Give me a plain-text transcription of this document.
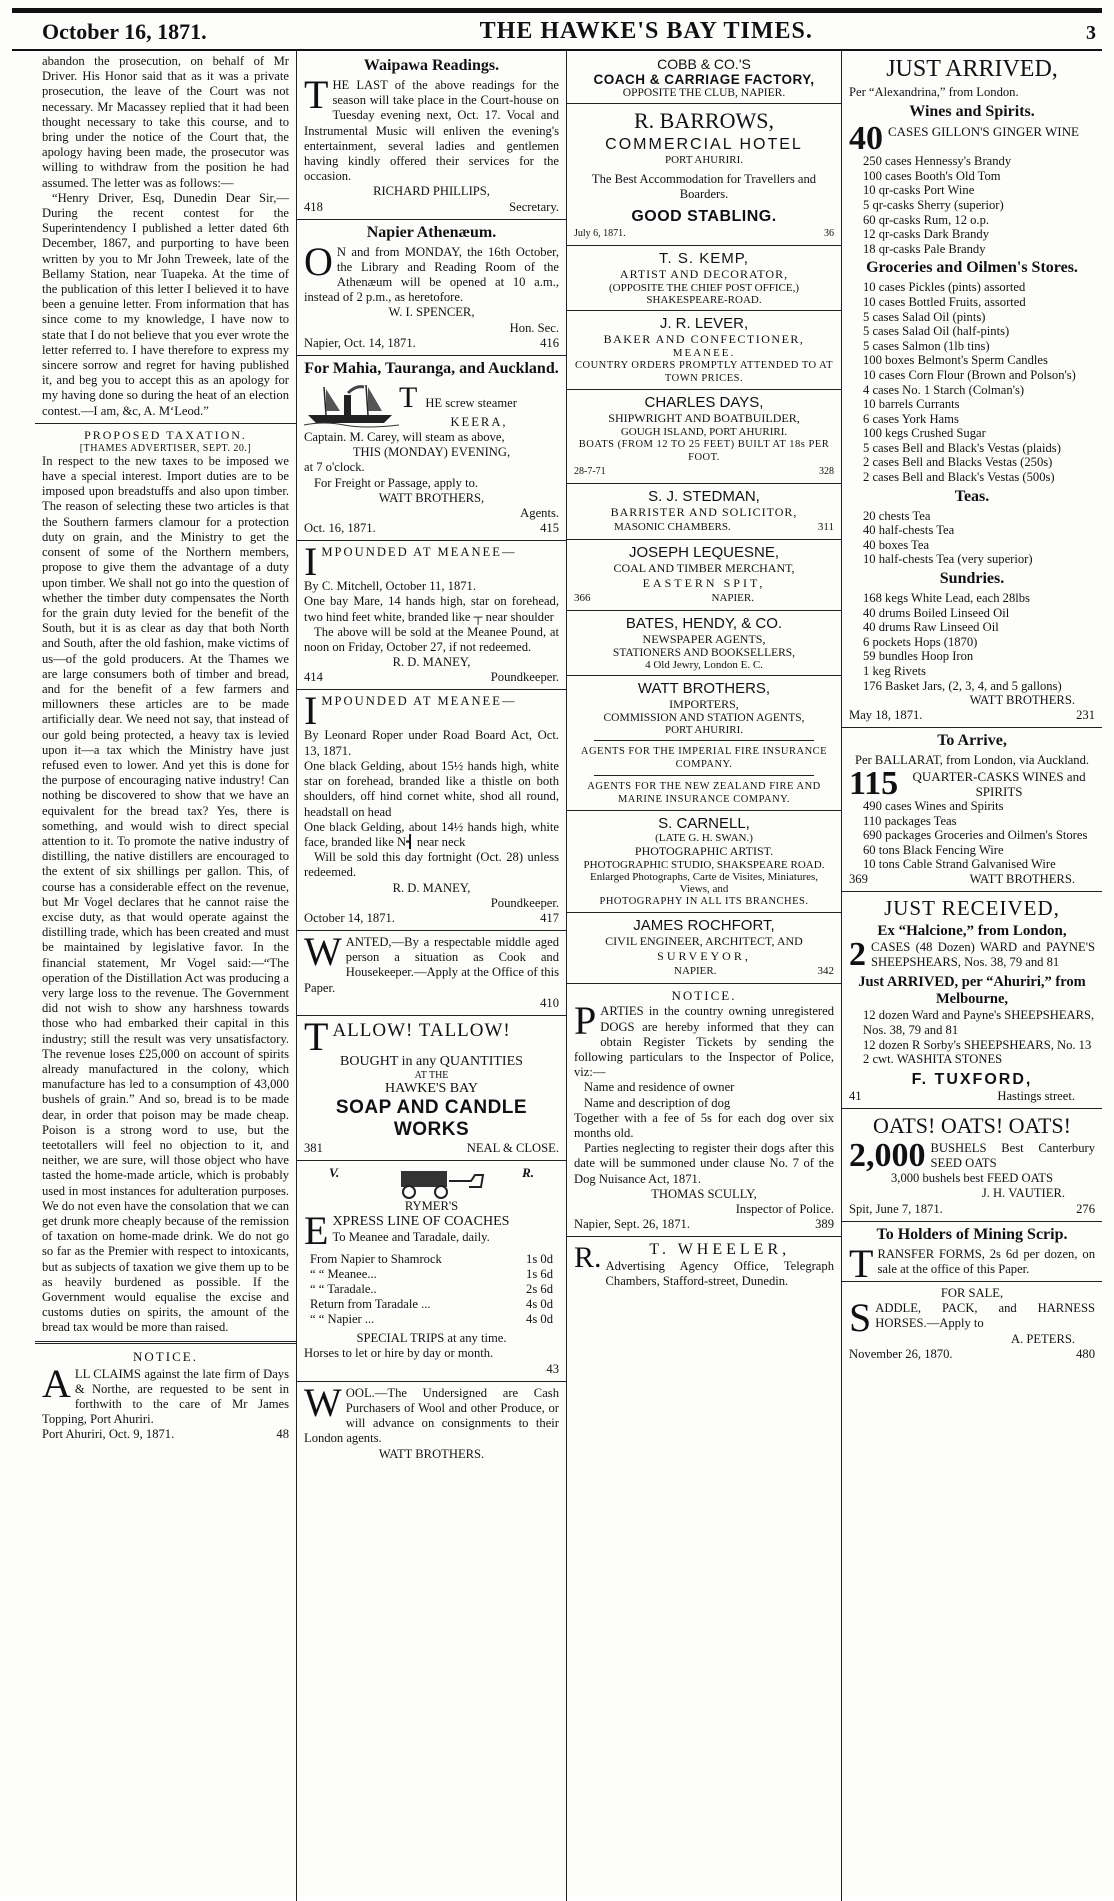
October 16, 1871.	THE HAWKE'S BAY TIMES.	3

abandon the prosecution, on behalf of Mr Driver. His Honor said that as it was a private prosecution, the leave of the Court was not necessary. Mr Macassey replied that it had been thought necessary to take this course, and to bring under the notice of the Court that, the apology having been made, the prosecutor was willing to withdraw from the position he had assumed. The letter was as follows:—

“Henry Driver, Esq, Dunedin Dear Sir,—During the recent contest for the Superintendency I published a letter dated 6th December, 1867, and purporting to have been written by you to Mr John Treweek, late of the Bellamy Station, near Tuapeka. At the time of the publication of this letter I believed it to have been a genuine letter. From information that has since come to my knowledge, I have now to state that I do not believe that you ever wrote the letter referred to. I have therefore to express my sincere sorrow and regret for having published it, and beg you to accept this as an apology for my having done so during the heat of an election contest.—I am, &c, A. M‘Leod.”

PROPOSED TAXATION.

[THAMES ADVERTISER, SEPT. 20.]

In respect to the new taxes to be imposed we have a special interest. Import duties are to be imposed upon breadstuffs and also upon timber. The reason of selecting these two articles is that the Southern farmers clamour for a protection duty on grain, and the Ministry to get the consent of some of the Northern members, propose to give them the advantage of a duty upon timber. We shall not go into the question of whether the timber duty compensates the North for the grain duty levied for the benefit of the South, but it is as clear as day that both North and South, after the old fashion, make victims of us—of the gold producers. At the Thames we are large consumers both of timber and bread, and for the benefit of a few farmers and millowners these articles are to be made artificially dear. We need not say, that instead of our gold being protected, a heavy tax is levied upon it—a tax which the Ministry have just refused even to lower. And yet this is done for the purpose of encouraging native industry! Can nothing be discovered to show that we have an equivalent for the bread tax? Yes, there is something, and would wish to direct special attention to it. To promote the native industry of distilling, the native distillers are encouraged to the extent of six shillings per gallon. This, of course has a considerable effect on the revenue, but Mr Vogel declares that he cannot raise the excise duty, as that would operate against the distilling trade, which has been created and must be maintained by legislative favor. In the financial statement, Mr Vogel said:—“The operation of the Distillation Act was producing a very large loss to the revenue. The Government did not wish to show any harshness towards those who had embarked their capital in this industry; still the result was very unsatisfactory. The revenue loses £25,000 on account of spirits already manufactured in the colony, which manufacture has led to a consumption of 43,000 bushels of grain.” And so, bread is to be made dear, in order that poison may be made cheap. Poison is a strong word to use, but the teetotallers will feel no objection to it, and neither, we are sure, will those object who have tasted the home-made article, which is probably used in most instances for adulteration purposes. We do not even have the consolation that we can get drunk more cheaply because of the remission of taxation on home-made drink. We do not go so far as the Premier with respect to intoxicants, but as subjects of taxation we give them up to be as heavily burdened as possible. If the Government would equalise the excise and customs duties on spirits, the amount of the bread tax would be more than raised.

NOTICE.

A LL CLAIMS against the late firm of Days & Northe, are requested to be sent in forthwith to the care of Mr James Topping, Port Ahuriri.

Port Ahuriri, Oct. 9, 1871.	48

Waipawa Readings.

T HE LAST of the above readings for the season will take place in the Court-house on Tuesday evening next, Oct. 17. Vocal and Instrumental Music will enliven the evening's entertainment, several ladies and gentlemen having kindly offered their services for the occasion.

RICHARD PHILLIPS,

418	Secretary.

Napier Athenæum.

O N and from MONDAY, the 16th October, the Library and Reading Room of the Athenæum will be opened at 10 a.m., instead of 2 p.m., as heretofore.

W. I. SPENCER,

Hon. Sec.

Napier, Oct. 14, 1871.	416

For Mahia, Tauranga, and Auckland.

T HE screw steamer

KEERA,

Captain. M. Carey, will steam as above,

THIS (MONDAY) EVENING,

at 7 o'clock.

For Freight or Passage, apply to.

WATT BROTHERS,

Agents.

Oct. 16, 1871.	415
I MPOUNDED AT MEANEE—

By C. Mitchell, October 11, 1871.

One bay Mare, 14 hands high, star on forehead, two hind feet white, branded like ┬ near shoulder

The above will be sold at the Meanee Pound, at noon on Friday, October 27, if not redeemed.

R. D. MANEY,

414	Poundkeeper.
I MPOUNDED AT MEANEE—

By Leonard Roper under Road Board Act, Oct. 13, 1871.

One black Gelding, about 15½ hands high, white star on forehead, branded like a thistle on both shoulders, off hind cornet white, shod all round, headstall on head

One black Gelding, about 14½ hands high, white face, branded like N┫ near neck

Will be sold this day fortnight (Oct. 28) unless redeemed.

R. D. MANEY,

Poundkeeper.

October 14, 1871.	417
W ANTED,—By a respectable middle aged person a situation as Cook and Housekeeper.—Apply at the Office of this Paper.

410

T ALLOW! TALLOW!

BOUGHT in any QUANTITIES

AT THE

HAWKE'S BAY

SOAP AND CANDLE WORKS

381	NEAL & CLOSE.
V.	R.

RYMER'S

E XPRESS LINE OF COACHES

To Meanee and Taradale, daily.

From Napier to Shamrock	1s 0d
“ “ Meanee...	1s 6d
“ “ Taradale..	2s 6d
Return from Taradale ...	4s 0d
“ “ Napier ...	4s 0d

SPECIAL TRIPS at any time.

Horses to let or hire by day or month.

43

W OOL.—The Undersigned are Cash Purchasers of Wool and other Produce, or will advance on consignments to their London agents.

WATT BROTHERS.

COBB & CO.'S

COACH & CARRIAGE FACTORY,

OPPOSITE THE CLUB, NAPIER.

R. BARROWS,

COMMERCIAL HOTEL

PORT AHURIRI.

The Best Accommodation for Travellers and Boarders.

GOOD STABLING.

July 6, 1871.	36

T. S. KEMP,

ARTIST AND DECORATOR,

(OPPOSITE THE CHIEF POST OFFICE,)

SHAKESPEARE-ROAD.

J. R. LEVER,

BAKER AND CONFECTIONER,

MEANEE.

COUNTRY ORDERS PROMPTLY ATTENDED TO AT TOWN PRICES.

CHARLES DAYS,

SHIPWRIGHT AND BOATBUILDER,

GOUGH ISLAND, PORT AHURIRI.

BOATS (FROM 12 TO 25 FEET) BUILT AT 18s PER FOOT.

28-7-71	328

S. J. STEDMAN,

BARRISTER AND SOLICITOR,

MASONIC CHAMBERS.	311

JOSEPH LEQUESNE,

COAL AND TIMBER MERCHANT,

EASTERN SPIT,

366	NAPIER.

BATES, HENDY, & CO.

NEWSPAPER AGENTS,

STATIONERS AND BOOKSELLERS,

4 Old Jewry, London E. C.

WATT BROTHERS,

IMPORTERS,

COMMISSION AND STATION AGENTS,

PORT AHURIRI.

AGENTS FOR THE IMPERIAL FIRE INSURANCE COMPANY.

AGENTS FOR THE NEW ZEALAND FIRE AND MARINE INSURANCE COMPANY.

S. CARNELL,

(LATE G. H. SWAN.)

PHOTOGRAPHIC ARTIST.

PHOTOGRAPHIC STUDIO, SHAKSPEARE ROAD.

Enlarged Photographs, Carte de Visites, Miniatures, Views, and

PHOTOGRAPHY IN ALL ITS BRANCHES.

JAMES ROCHFORT,

CIVIL ENGINEER, ARCHITECT, AND

SURVEYOR,

NAPIER.	342

NOTICE.

P ARTIES in the country owning unregistered DOGS are hereby informed that they can obtain Register Tickets by sending the following particulars to the Inspector of Police, viz:—

Name and residence of owner

Name and description of dog

Together with a fee of 5s for each dog over six months old.

Parties neglecting to register their dogs after this date will be summoned under clause No. 7 of the Dog Nuisance Act, 1871.

THOMAS SCULLY,

Inspector of Police.

Napier, Sept. 26, 1871.	389
R.	T. WHEELER,

Advertising Agency Office, Telegraph Chambers, Stafford-street, Dunedin.

JUST ARRIVED,

Per “Alexandrina,” from London.

Wines and Spirits.

40 CASES GILLON'S GINGER WINE

250 cases Hennessy's Brandy

100 cases Booth's Old Tom

10 qr-casks Port Wine

5 qr-casks Sherry (superior)

60 qr-casks Rum, 12 o.p.

12 qr-casks Dark Brandy

18 qr-casks Pale Brandy

Groceries and Oilmen's Stores.

10 cases Pickles (pints) assorted

10 cases Bottled Fruits, assorted

5 cases Salad Oil (pints)

5 cases Salad Oil (half-pints)

5 cases Salmon (1lb tins)

100 boxes Belmont's Sperm Candles

10 cases Corn Flour (Brown and Polson's)

4 cases No. 1 Starch (Colman's)

10 barrels Currants

6 cases York Hams

100 kegs Crushed Sugar

5 cases Bell and Black's Vestas (plaids)

2 cases Bell and Blacks Vestas (250s)

2 cases Bell and Black's Vestas (500s)

Teas.

20 chests Tea

40 half-chests Tea

40 boxes Tea

10 half-chests Tea (very superior)

Sundries.

168 kegs White Lead, each 28lbs

40 drums Boiled Linseed Oil

40 drums Raw Linseed Oil

6 pockets Hops (1870)

59 bundles Hoop Iron

1 keg Rivets

176 Basket Jars, (2, 3, 4, and 5 gallons)

WATT BROTHERS.

May 18, 1871.	231

To Arrive,

Per BALLARAT, from London, via Auckland.

115	QUARTER-CASKS WINES and SPIRITS

490 cases Wines and Spirits

110 packages Teas

690 packages Groceries and Oilmen's Stores

60 tons Black Fencing Wire

10 tons Cable Strand Galvanised Wire

369	WATT BROTHERS.

JUST RECEIVED,

Ex “Halcione,” from London,

2 CASES (48 Dozen) WARD and PAYNE'S SHEEPSHEARS, Nos. 38, 79 and 81

Just ARRIVED, per “Ahuriri,” from Melbourne,

12 dozen Ward and Payne's SHEEPSHEARS, Nos. 38, 79 and 81

12 dozen R Sorby's SHEEPSHEARS, No. 13

2 cwt. WASHITA STONES

F. TUXFORD,

41	Hastings street.

OATS! OATS! OATS!

2,000 BUSHELS Best Canterbury SEED OATS

3,000 bushels best FEED OATS

J. H. VAUTIER.

Spit, June 7, 1871.	276

To Holders of Mining Scrip.

T RANSFER FORMS, 2s 6d per dozen, on sale at the office of this Paper.

FOR SALE,

S ADDLE, PACK, and HARNESS HORSES.—Apply to

A. PETERS.

November 26, 1870.	480
